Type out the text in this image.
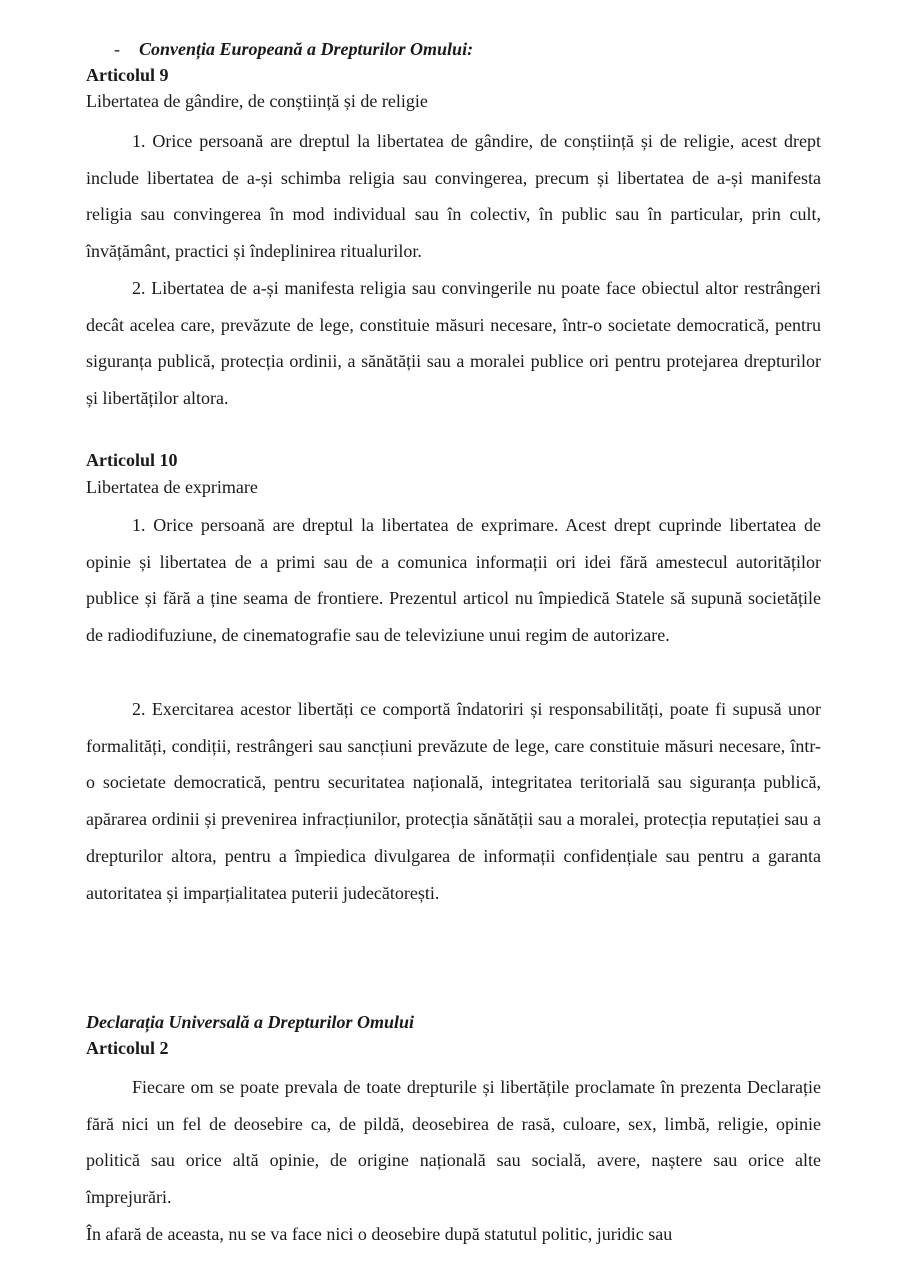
- Convenția Europeană a Drepturilor Omului:
Articolul 9
Libertatea de gândire, de conștiință și de religie

1. Orice persoană are dreptul la libertatea de gândire, de conștiință și de religie, acest drept include libertatea de a-și schimba religia sau convingerea, precum și libertatea de a-și manifesta religia sau convingerea în mod individual sau în colectiv, în public sau în particular, prin cult, învățământ, practici și îndeplinirea ritualurilor.

2. Libertatea de a-și manifesta religia sau convingerile nu poate face obiectul altor restrângeri decât acelea care, prevăzute de lege, constituie măsuri necesare, într-o societate democratică, pentru siguranța publică, protecția ordinii, a sănătății sau a moralei publice ori pentru protejarea drepturilor și libertăților altora.

Articolul 10
Libertatea de exprimare

1. Orice persoană are dreptul la libertatea de exprimare. Acest drept cuprinde libertatea de opinie și libertatea de a primi sau de a comunica informații ori idei fără amestecul autorităților publice și fără a ține seama de frontiere. Prezentul articol nu împiedică Statele să supună societățile de radiodifuziune, de cinematografie sau de televiziune unui regim de autorizare.

2. Exercitarea acestor libertăți ce comportă îndatoriri și responsabilități, poate fi supusă unor formalități, condiții, restrângeri sau sancțiuni prevăzute de lege, care constituie măsuri necesare, într-o societate democratică, pentru securitatea națională, integritatea teritorială sau siguranța publică, apărarea ordinii și prevenirea infracțiunilor, protecția sănătății sau a moralei, protecția reputației sau a drepturilor altora, pentru a împiedica divulgarea de informații confidențiale sau pentru a garanta autoritatea și imparțialitatea puterii judecătorești.

Declarația Universală a Drepturilor Omului
Articolul 2

Fiecare om se poate prevala de toate drepturile și libertățile proclamate în prezenta Declarație fără nici un fel de deosebire ca, de pildă, deosebirea de rasă, culoare, sex, limbă, religie, opinie politică sau orice altă opinie, de origine națională sau socială, avere, naștere sau orice alte împrejurări.

În afară de aceasta, nu se va face nici o deosebire după statutul politic, juridic sau
